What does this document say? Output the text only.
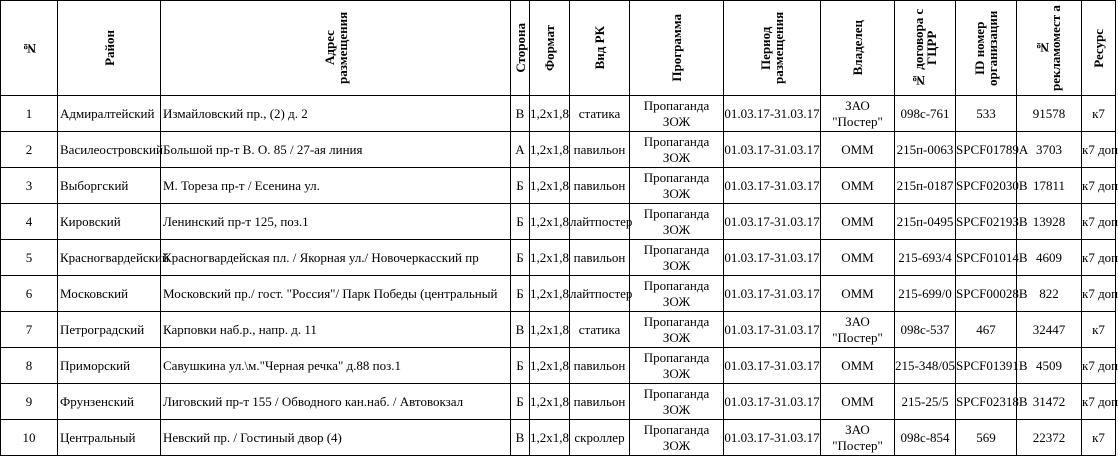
№	Район	Адрес размещения	Сторона	Формат	Вид РК	Программа	Период размещения	Владелец	№ договора с ГЦРР	ID номер организации	№ рекламомест а	Ресурс

1	Адмиралтейский	Измайловский пр., (2) д. 2	В	1,2х1,8	статика	Пропаганда ЗОЖ	01.03.17-31.03.17	ЗАО "Постер"	098с-761	533	91578	к7
2	Василеостровский	Большой пр-т В. О. 85 / 27-ая линия	А	1,2х1,8	павильон	Пропаганда ЗОЖ	01.03.17-31.03.17	ОММ	215п-0063	SPCF01789A	3703	к7 доп
3	Выборгский	М. Тореза пр-т / Есенина ул.	Б	1,2х1,8	павильон	Пропаганда ЗОЖ	01.03.17-31.03.17	ОММ	215п-0187	SPCF02030B	17811	к7 доп
4	Кировский	Ленинский пр-т 125, поз.1	Б	1,2х1,8	лайтпостер	Пропаганда ЗОЖ	01.03.17-31.03.17	ОММ	215п-0495	SPCF02193B	13928	к7 доп
5	Красногвардейский	Красногвардейская пл. / Якорная ул./ Новочеркасский пр	Б	1,2х1,8	павильон	Пропаганда ЗОЖ	01.03.17-31.03.17	ОММ	215-693/4	SPCF01014B	4609	к7 доп
6	Московский	Московский пр./ гост. "Россия"/ Парк Победы (центральный	Б	1,2х1,8	лайтпостер	Пропаганда ЗОЖ	01.03.17-31.03.17	ОММ	215-699/0	SPCF00028B	822	к7 доп
7	Петроградский	Карповки наб.р., напр. д. 11	В	1,2х1,8	статика	Пропаганда ЗОЖ	01.03.17-31.03.17	ЗАО "Постер"	098с-537	467	32447	к7
8	Приморский	Савушкина ул.\м."Черная речка" д.88 поз.1	Б	1,2х1,8	павильон	Пропаганда ЗОЖ	01.03.17-31.03.17	ОММ	215-348/05	SPCF01391B	4509	к7 доп
9	Фрунзенский	Лиговский пр-т 155 / Обводного кан.наб. / Автовокзал	Б	1,2х1,8	павильон	Пропаганда ЗОЖ	01.03.17-31.03.17	ОММ	215-25/5	SPCF02318B	31472	к7 доп
10	Центральный	Невский пр. / Гостиный двор (4)	В	1,2х1,8	скроллер	Пропаганда ЗОЖ	01.03.17-31.03.17	ЗАО "Постер"	098с-854	569	22372	к7
